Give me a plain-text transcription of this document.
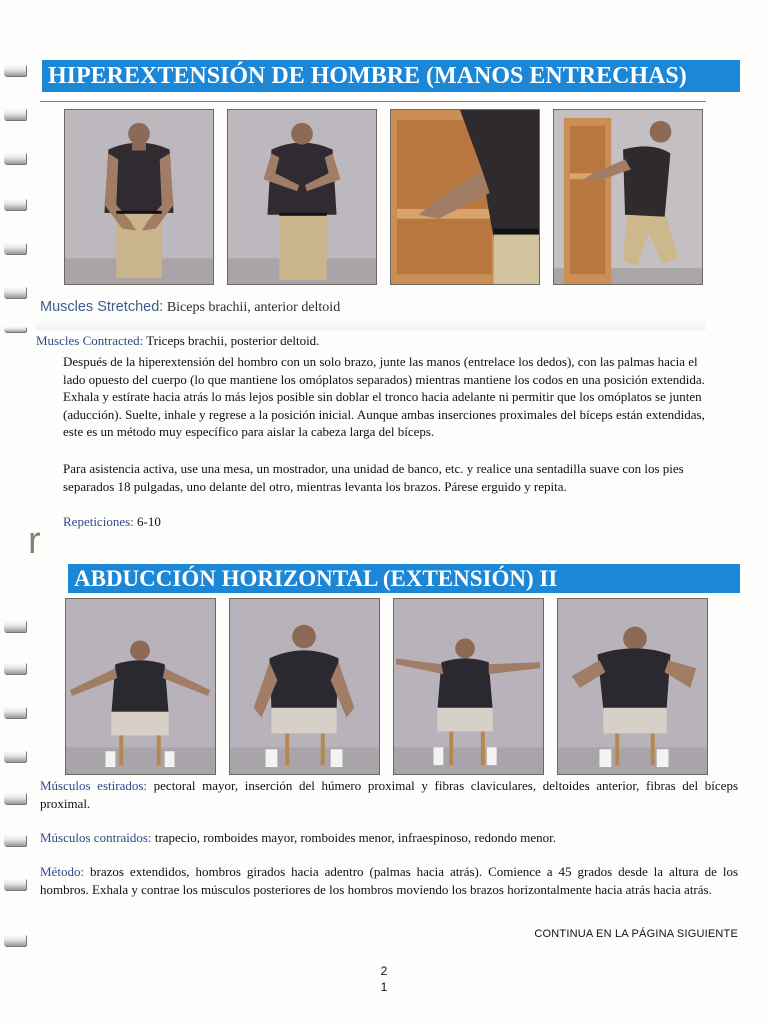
r
HIPEREXTENSIÓN DE HOMBRE (MANOS ENTRECHAS)
Muscles Stretched: Biceps brachii, anterior deltoid
Muscles Contracted: Triceps brachii, posterior deltoid.
Después de la hiperextensión del hombro con un solo brazo, junte las manos (entrelace los dedos), con las palmas hacia el lado opuesto del cuerpo (lo que mantiene los omóplatos separados) mientras mantiene los codos en una posición extendida. Exhala y estírate hacia atrás lo más lejos posible sin doblar el tronco hacia adelante ni permitir que los omóplatos se junten (aducción). Suelte, inhale y regrese a la posición inicial. Aunque ambas inserciones proximales del bíceps están extendidas, este es un método muy específico para aislar la cabeza larga del bíceps.
Para asistencia activa, use una mesa, un mostrador, una unidad de banco, etc. y realice una sentadilla suave con los pies separados 18 pulgadas, uno delante del otro, mientras levanta los brazos. Párese erguido y repita.
Repeticiones: 6-10
ABDUCCIÓN HORIZONTAL (EXTENSIÓN) II
Músculos estirados: pectoral mayor, inserción del húmero proximal y fibras claviculares, deltoides anterior, fibras del bíceps proximal.
Músculos contraidos: trapecio, romboides mayor, romboides menor, infraespinoso, redondo menor.
Método: brazos extendidos, hombros girados hacia adentro (palmas hacia atrás). Comience a 45 grados desde la altura de los hombros. Exhala y contrae los músculos posteriores de los hombros moviendo los brazos horizontalmente hacia atrás hacia atrás.
CONTINUA EN LA PÁGINA SIGUIENTE
2
1
